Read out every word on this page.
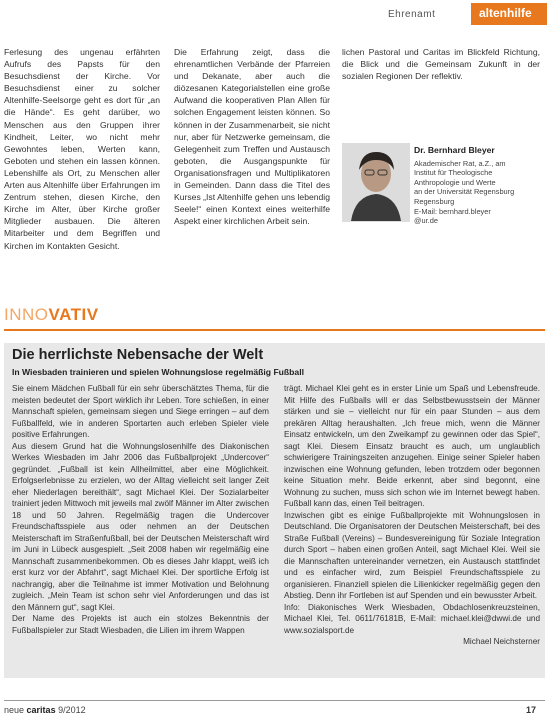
Ehrenamt	altenhilfe

Ferlesung des ungenau erfährten Aufrufs des Papsts für den Besuchsdienst der Kirche. Vor Besuchsdienst einer zu solcher Altenhilfe-Seelsorge geht es dort für „an die Hände“. Es geht darüber, wo Menschen aus den Gruppen ihrer Kindheit, Leiter, wo nicht mehr Gewohntes leben, Werten kann, Geboten und stehen ein lassen können. Lebenshilfe als Ort, zu Menschen aller Arten aus Altenhilfe über Erfahrungen im Zentrum stehen, diesen Kirche, den Kirche im Alter, über Kirche großer Mitglieder ausbauen. Die älteren Mitarbeiter und dem Begriffen und Kirchen im Kontakten Gesicht.

Die Erfahrung zeigt, dass die ehrenamtlichen Verbände der Pfarreien und Dekanate, aber auch die diözesanen Kategorialstellen eine große Aufwand die kooperativen Plan Allen für solchen Engagement leisten können. So können in der Zusammenarbeit, sie nicht nur, aber für Netzwerke gemeinsam, die Gelegenheit zum Treffen und Austausch geboten, die Ausgangspunkte für Organisationsfragen und Multiplikatoren in Gemeinden. Dann dass die Titel des Kurses „Ist Altenhilfe gehen uns lebendig Seele!“ einen Kontext eines weiterhilfe Aspekt einer kirchlichen Arbeit sein.

lichen Pastoral und Caritas im Blickfeld Richtung, die Blick und die Gemeinsam Zukunft in der sozialen Regionen Der reflektiv.

Dr. Bernhard Bleyer
Akademischer Rat, a.Z., am
Institut für Theologische
Anthropologie und Werte
an der Universität Regensburg
Regensburg
E-Mail: bernhard.bleyer
@ur.de
INNOVATIV
Die herrlichste Nebensache der Welt
In Wiesbaden trainieren und spielen Wohnungslose regelmäßig Fußball

Sie einem Mädchen Fußball für ein sehr überschätztes Thema, für die meisten bedeutet der Sport wirklich ihr Leben. Tore schießen, in einer Mannschaft spielen, gemeinsam siegen und Siege erringen – auf dem Fußballfeld, wie in anderen Sportarten auch erleben Spieler viele positive Erfahrungen.

Aus diesem Grund hat die Wohnungslosenhilfe des Diakonischen Werkes Wiesbaden im Jahr 2006 das Fußballprojekt „Undercover“ gegründet. „Fußball ist kein Allheilmittel, aber eine Möglichkeit. Erfolgserlebnisse zu erzielen, wo der Alltag vielleicht seit langer Zeit eher Niederlagen bereithält“, sagt Michael Klei. Der Sozialarbeiter trainiert jeden Mittwoch mit jeweils mal zwölf Männer im Alter zwischen 18 und 50 Jahren. Regelmäßig tragen die Undercover Freundschaftsspiele aus oder nehmen an der Deutschen Meisterschaft im Straßenfußball, bei der Deutschen Meisterschaft wird im Juni in Lübeck ausgespielt. „Seit 2008 haben wir regelmäßig eine Mannschaft zusammenbekommen. Ob es dieses Jahr klappt, weiß ich erst kurz vor der Abfahrt“, sagt Michael Klei. Der sportliche Erfolg ist nachrangig, aber die Teilnahme ist immer Motivation und Belohnung zugleich. „Mein Team ist schon sehr viel Anforderungen und das ist den Männern gut“, sagt Klei.

Der Name des Projekts ist auch ein stolzes Bekenntnis der Fußballspieler zur Stadt Wiesbaden, die Lilien im ihrem Wappen

trägt. Michael Klei geht es in erster Linie um Spaß und Lebensfreude. Mit Hilfe des Fußballs will er das Selbstbewusstsein der Männer stärken und sie – vielleicht nur für ein paar Stunden – aus dem prekären Alltag heraushalten. „Ich freue mich, wenn die Männer Einsatz entwickeln, um den Zweikampf zu gewinnen oder das Spiel“, sagt Klei. Diesem Einsatz braucht es auch, um unglaublich schwierigere Trainingszeiten anzugehen. Einige seiner Spieler haben inzwischen eine Wohnung gefunden, leben trotzdem oder begonnen keine Situation mehr. Beide erkennt, aber sind begonnt, eine Wohnung zu suchen, muss sich schon wie im Internet bewegt haben. Fußball kann das, einen Teil beitragen.

Inzwischen gibt es einige Fußballprojekte mit Wohnungslosen in Deutschland. Die Organisatoren der Deutschen Meisterschaft, bei des Straße Fußball (Vereins) – Bundesvereinigung für Soziale Integration durch Sport – haben einen großen Anteil, sagt Michael Klei. Weil sie die Mannschaften untereinander vernetzen, ein Austausch stattfindet und es einfacher wird, zum Beispiel Freundschaftsspiele zu organisieren. Finanziell spielen die Lilienkicker regelmäßig gegen den Abstieg. Denn ihr Fortleben ist auf Spenden und ein bewusster Arbeit.

Info: Diakonisches Werk Wiesbaden, Obdachlosenkreuzsteinen, Michael Klei, Tel. 0611/76181B, E-Mail: michael.klei@dwwi.de und www.sozialsport.de

Michael Neichsterner

neue caritas 9/2012	17
